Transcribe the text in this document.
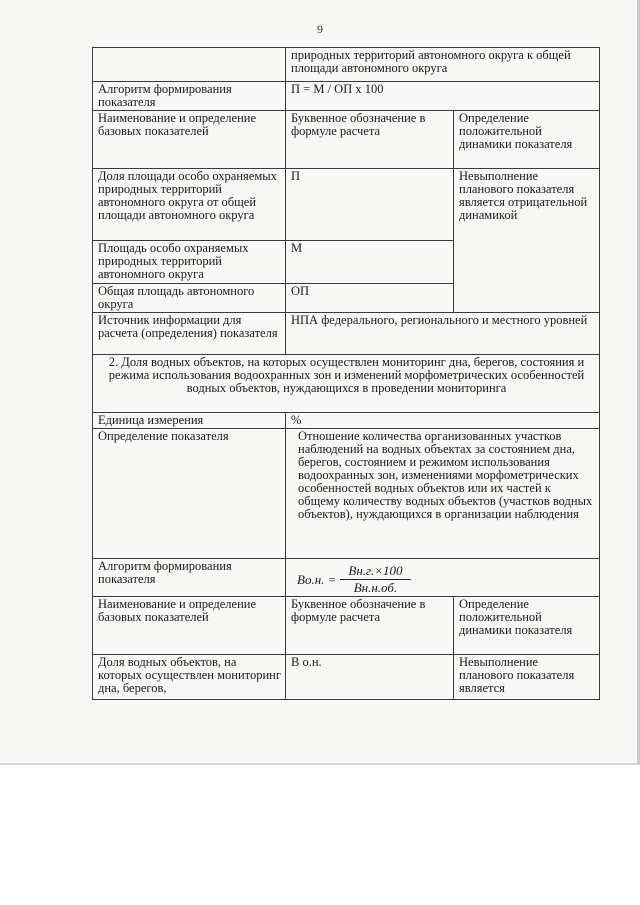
9
	природных территорий автономного округа к общей площади автономного округа	
Алгоритм формирования показателя	П = М / ОП х 100	
Наименование и определение базовых показателей	Буквенное обозначение в формуле расчета	Определение положительной динамики показателя
Доля площади особо охраняемых природных территорий автономного округа от общей площади автономного округа	П	Невыполнение планового показателя является отрицательной динамикой
Площадь особо охраняемых природных территорий автономного округа	М	
Общая площадь автономного округа	ОП	
Источник информации для расчета (определения) показателя	НПА федерального, регионального и местного уровней	
2. Доля водных объектов, на которых осуществлен мониторинг дна, берегов, состояния и режима использования водоохранных зон и изменений морфометрических особенностей водных объектов, нуждающихся в проведении мониторинга		
Единица измерения	%	
Определение показателя	Отношение количества организованных участков наблюдений на водных объектах за состоянием дна, берегов, состоянием и режимом использования водоохранных зон, изменениями морфометрических особенностей водных объектов или их частей к общему количеству водных объектов (участков водных объектов), нуждающихся в организации наблюдения	
Алгоритм формирования показателя	Во.н. = $\frac{Вн.г.\times 100}{Вн.н.об.}$

Наименование и определение базовых показателей	Буквенное обозначение в формуле расчета	Определение положительной динамики показателя
Доля водных объектов, на которых осуществлен мониторинг дна, берегов,	В о.н.	Невыполнение планового показателя является
